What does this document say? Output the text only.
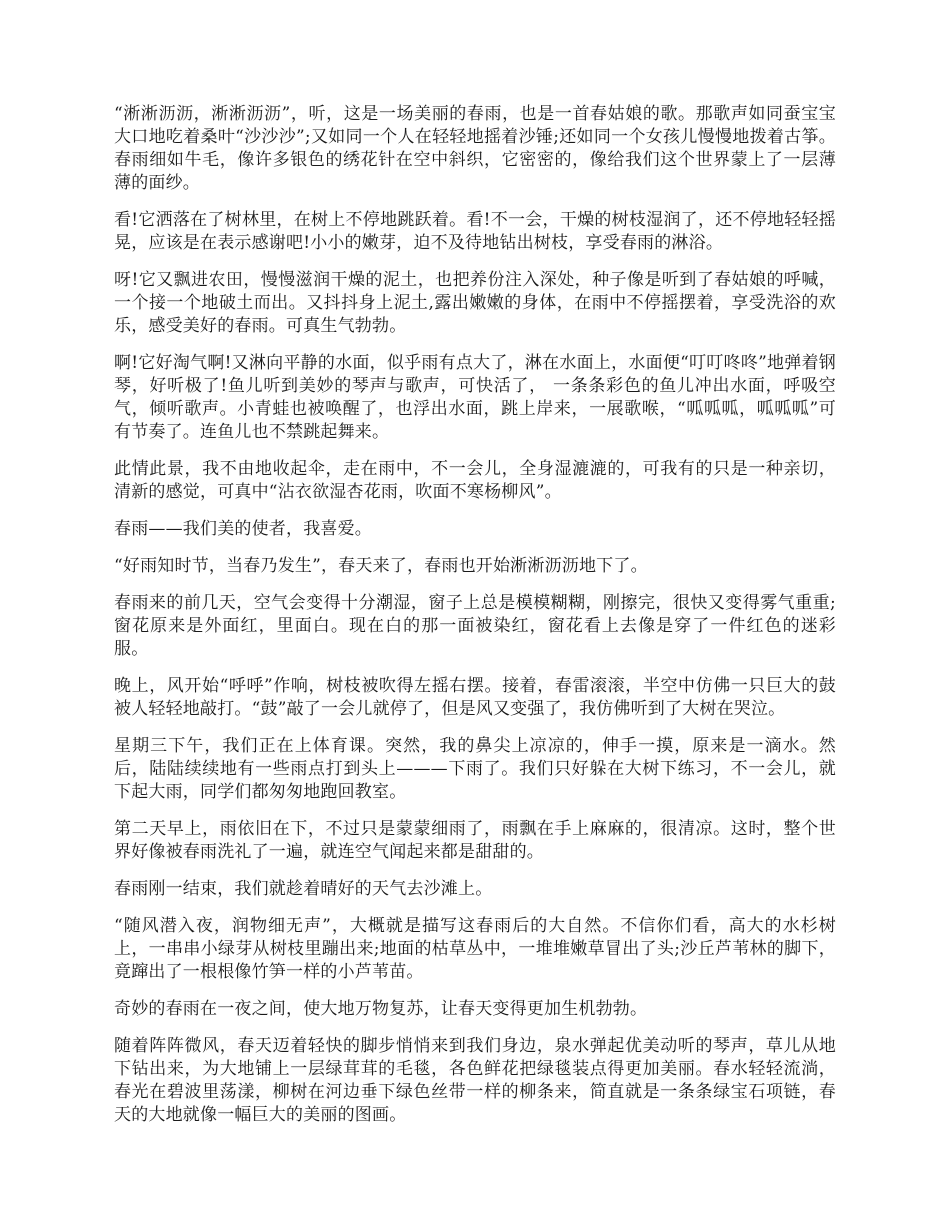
“淅淅沥沥，淅淅沥沥”，听，这是一场美丽的春雨，也是一首春姑娘的歌。那歌声如同蚕宝宝大口地吃着桑叶“沙沙沙”;又如同一个人在轻轻地摇着沙锤;还如同一个女孩儿慢慢地拨着古筝。春雨细如牛毛，像许多银色的绣花针在空中斜织，它密密的，像给我们这个世界蒙上了一层薄薄的面纱。

看!它洒落在了树林里，在树上不停地跳跃着。看!不一会，干燥的树枝湿润了，还不停地轻轻摇晃，应该是在表示感谢吧!小小的嫩芽，迫不及待地钻出树枝，享受春雨的淋浴。

呀!它又飘进农田，慢慢滋润干燥的泥土，也把养份注入深处，种子像是听到了春姑娘的呼喊，一个接一个地破土而出。又抖抖身上泥土,露出嫩嫩的身体，在雨中不停摇摆着，享受洗浴的欢乐，感受美好的春雨。可真生气勃勃。

啊!它好淘气啊!又淋向平静的水面，似乎雨有点大了，淋在水面上，水面便“叮叮咚咚”地弹着钢琴，好听极了!鱼儿听到美妙的琴声与歌声，可快活了， 一条条彩色的鱼儿冲出水面，呼吸空气，倾听歌声。小青蛙也被唤醒了，也浮出水面，跳上岸来，一展歌喉，“呱呱呱，呱呱呱”可有节奏了。连鱼儿也不禁跳起舞来。

此情此景，我不由地收起伞，走在雨中，不一会儿，全身湿漉漉的，可我有的只是一种亲切，清新的感觉，可真中“沾衣欲湿杏花雨，吹面不寒杨柳风”。

春雨——我们美的使者，我喜爱。

“好雨知时节，当春乃发生”，春天来了，春雨也开始淅淅沥沥地下了。

春雨来的前几天，空气会变得十分潮湿，窗子上总是模模糊糊，刚擦完，很快又变得雾气重重;窗花原来是外面红，里面白。现在白的那一面被染红，窗花看上去像是穿了一件红色的迷彩服。

晚上，风开始“呼呼”作响，树枝被吹得左摇右摆。接着，春雷滚滚，半空中仿佛一只巨大的鼓被人轻轻地敲打。“鼓”敲了一会儿就停了，但是风又变强了，我仿佛听到了大树在哭泣。

星期三下午，我们正在上体育课。突然，我的鼻尖上凉凉的，伸手一摸，原来是一滴水。然后，陆陆续续地有一些雨点打到头上———下雨了。我们只好躲在大树下练习，不一会儿，就下起大雨，同学们都匆匆地跑回教室。

第二天早上，雨依旧在下，不过只是蒙蒙细雨了，雨飘在手上麻麻的，很清凉。这时，整个世界好像被春雨洗礼了一遍，就连空气闻起来都是甜甜的。

春雨刚一结束，我们就趁着晴好的天气去沙滩上。

“随风潜入夜，润物细无声”，大概就是描写这春雨后的大自然。不信你们看，高大的水杉树上，一串串小绿芽从树枝里蹦出来;地面的枯草丛中，一堆堆嫩草冒出了头;沙丘芦苇林的脚下，竟蹿出了一根根像竹笋一样的小芦苇苗。

奇妙的春雨在一夜之间，使大地万物复苏，让春天变得更加生机勃勃。

随着阵阵微风，春天迈着轻快的脚步悄悄来到我们身边，泉水弹起优美动听的琴声，草儿从地下钻出来，为大地铺上一层绿茸茸的毛毯，各色鲜花把绿毯装点得更加美丽。春水轻轻流淌，春光在碧波里荡漾，柳树在河边垂下绿色丝带一样的柳条来，简直就是一条条绿宝石项链，春天的大地就像一幅巨大的美丽的图画。
